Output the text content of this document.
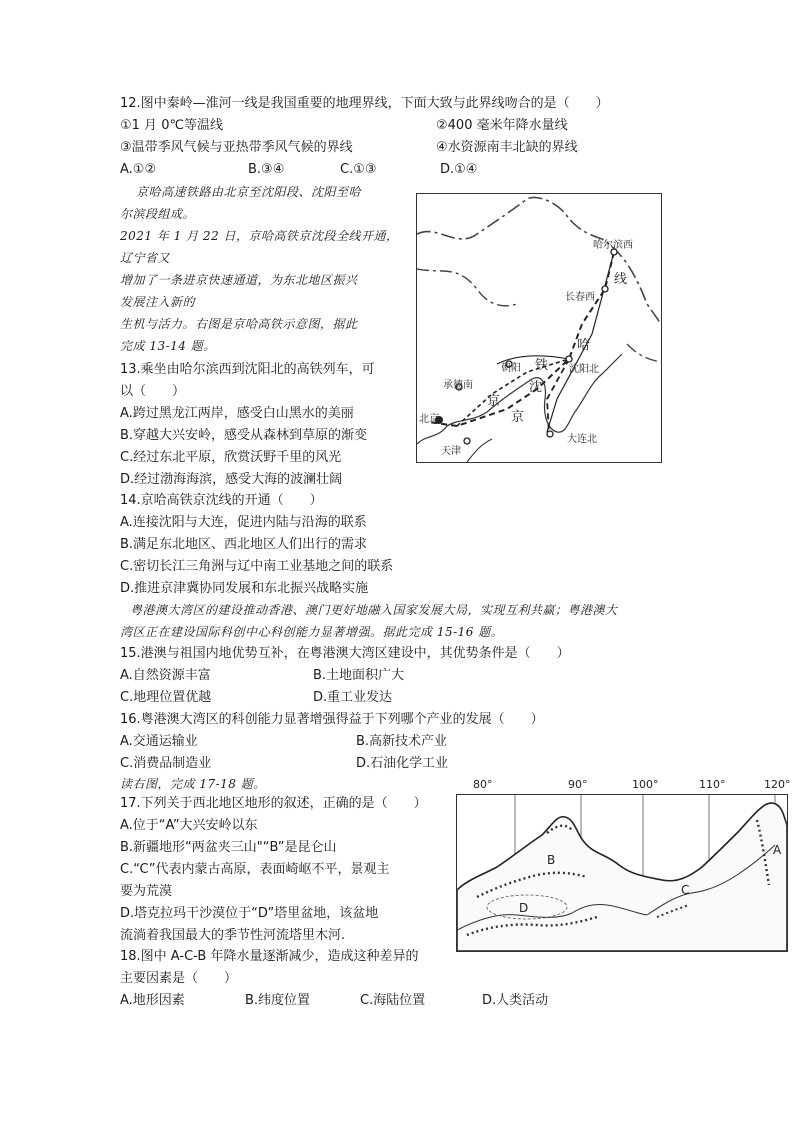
12.图中秦岭—淮河一线是我国重要的地理界线，下面大致与此界线吻合的是（　　）
①1 月 0℃等温线	②400 毫米年降水量线
③温带季风气候与亚热带季风气候的界线	④水资源南丰北缺的界线
A.①②	B.③④	C.①③	D.①④
京哈高速铁路由北京至沈阳段、沈阳至哈
尔滨段组成。
2021 年 1 月 22 日，京哈高铁京沈段全线开通，
辽宁省又
增加了一条进京快速通道，为东北地区振兴
发展注入新的
生机与活力。右图是京哈高铁示意图，据此
完成 13-14 题。
哈尔滨西
线
长春西
哈
朝阳 铁 沈阳北
承德南	沈
京
北京	京
天津
大连北
13.乘坐由哈尔滨西到沈阳北的高铁列车，可
以（　　）
A.跨过黑龙江两岸，感受白山黑水的美丽
B.穿越大兴安岭，感受从森林到草原的渐变
C.经过东北平原，欣赏沃野千里的风光
D.经过渤海海滨，感受大海的波澜壮阔
14.京哈高铁京沈线的开通（　　）
A.连接沈阳与大连，促进内陆与沿海的联系
B.满足东北地区、西北地区人们出行的需求
C.密切长江三角洲与辽中南工业基地之间的联系
D.推进京津冀协同发展和东北振兴战略实施
粤港澳大湾区的建设推动香港、澳门更好地融入国家发展大局，实现互利共赢；粤港澳大
湾区正在建设国际科创中心科创能力显著增强。据此完成 15-16 题。
15.港澳与祖国内地优势互补，在粤港澳大湾区建设中，其优势条件是（　　）
A.自然资源丰富	B.土地面积广大
C.地理位置优越	D.重工业发达
16.粤港澳大湾区的科创能力显著增强得益于下列哪个产业的发展（　　）
A.交通运输业	B.高新技术产业
C.消费品制造业	D.石油化学工业
读右图，完成 17-18 题。	80°	90°	100°	110°	120°
A
B
C
D
17.下列关于西北地区地形的叙述，正确的是（　　）
A.位于“A”大兴安岭以东
B.新疆地形“两盆夹三山"“B”是昆仑山
C.“C”代表内蒙古高原，表面崎岖不平，景观主
要为荒漠
D.塔克拉玛干沙漠位于“D”塔里盆地，该盆地
流淌着我国最大的季节性河流塔里木河.
18.图中 A-C-B 年降水量逐渐减少，造成这种差异的
主要因素是（　　）
A.地形因素	B.纬度位置	C.海陆位置	D.人类活动
